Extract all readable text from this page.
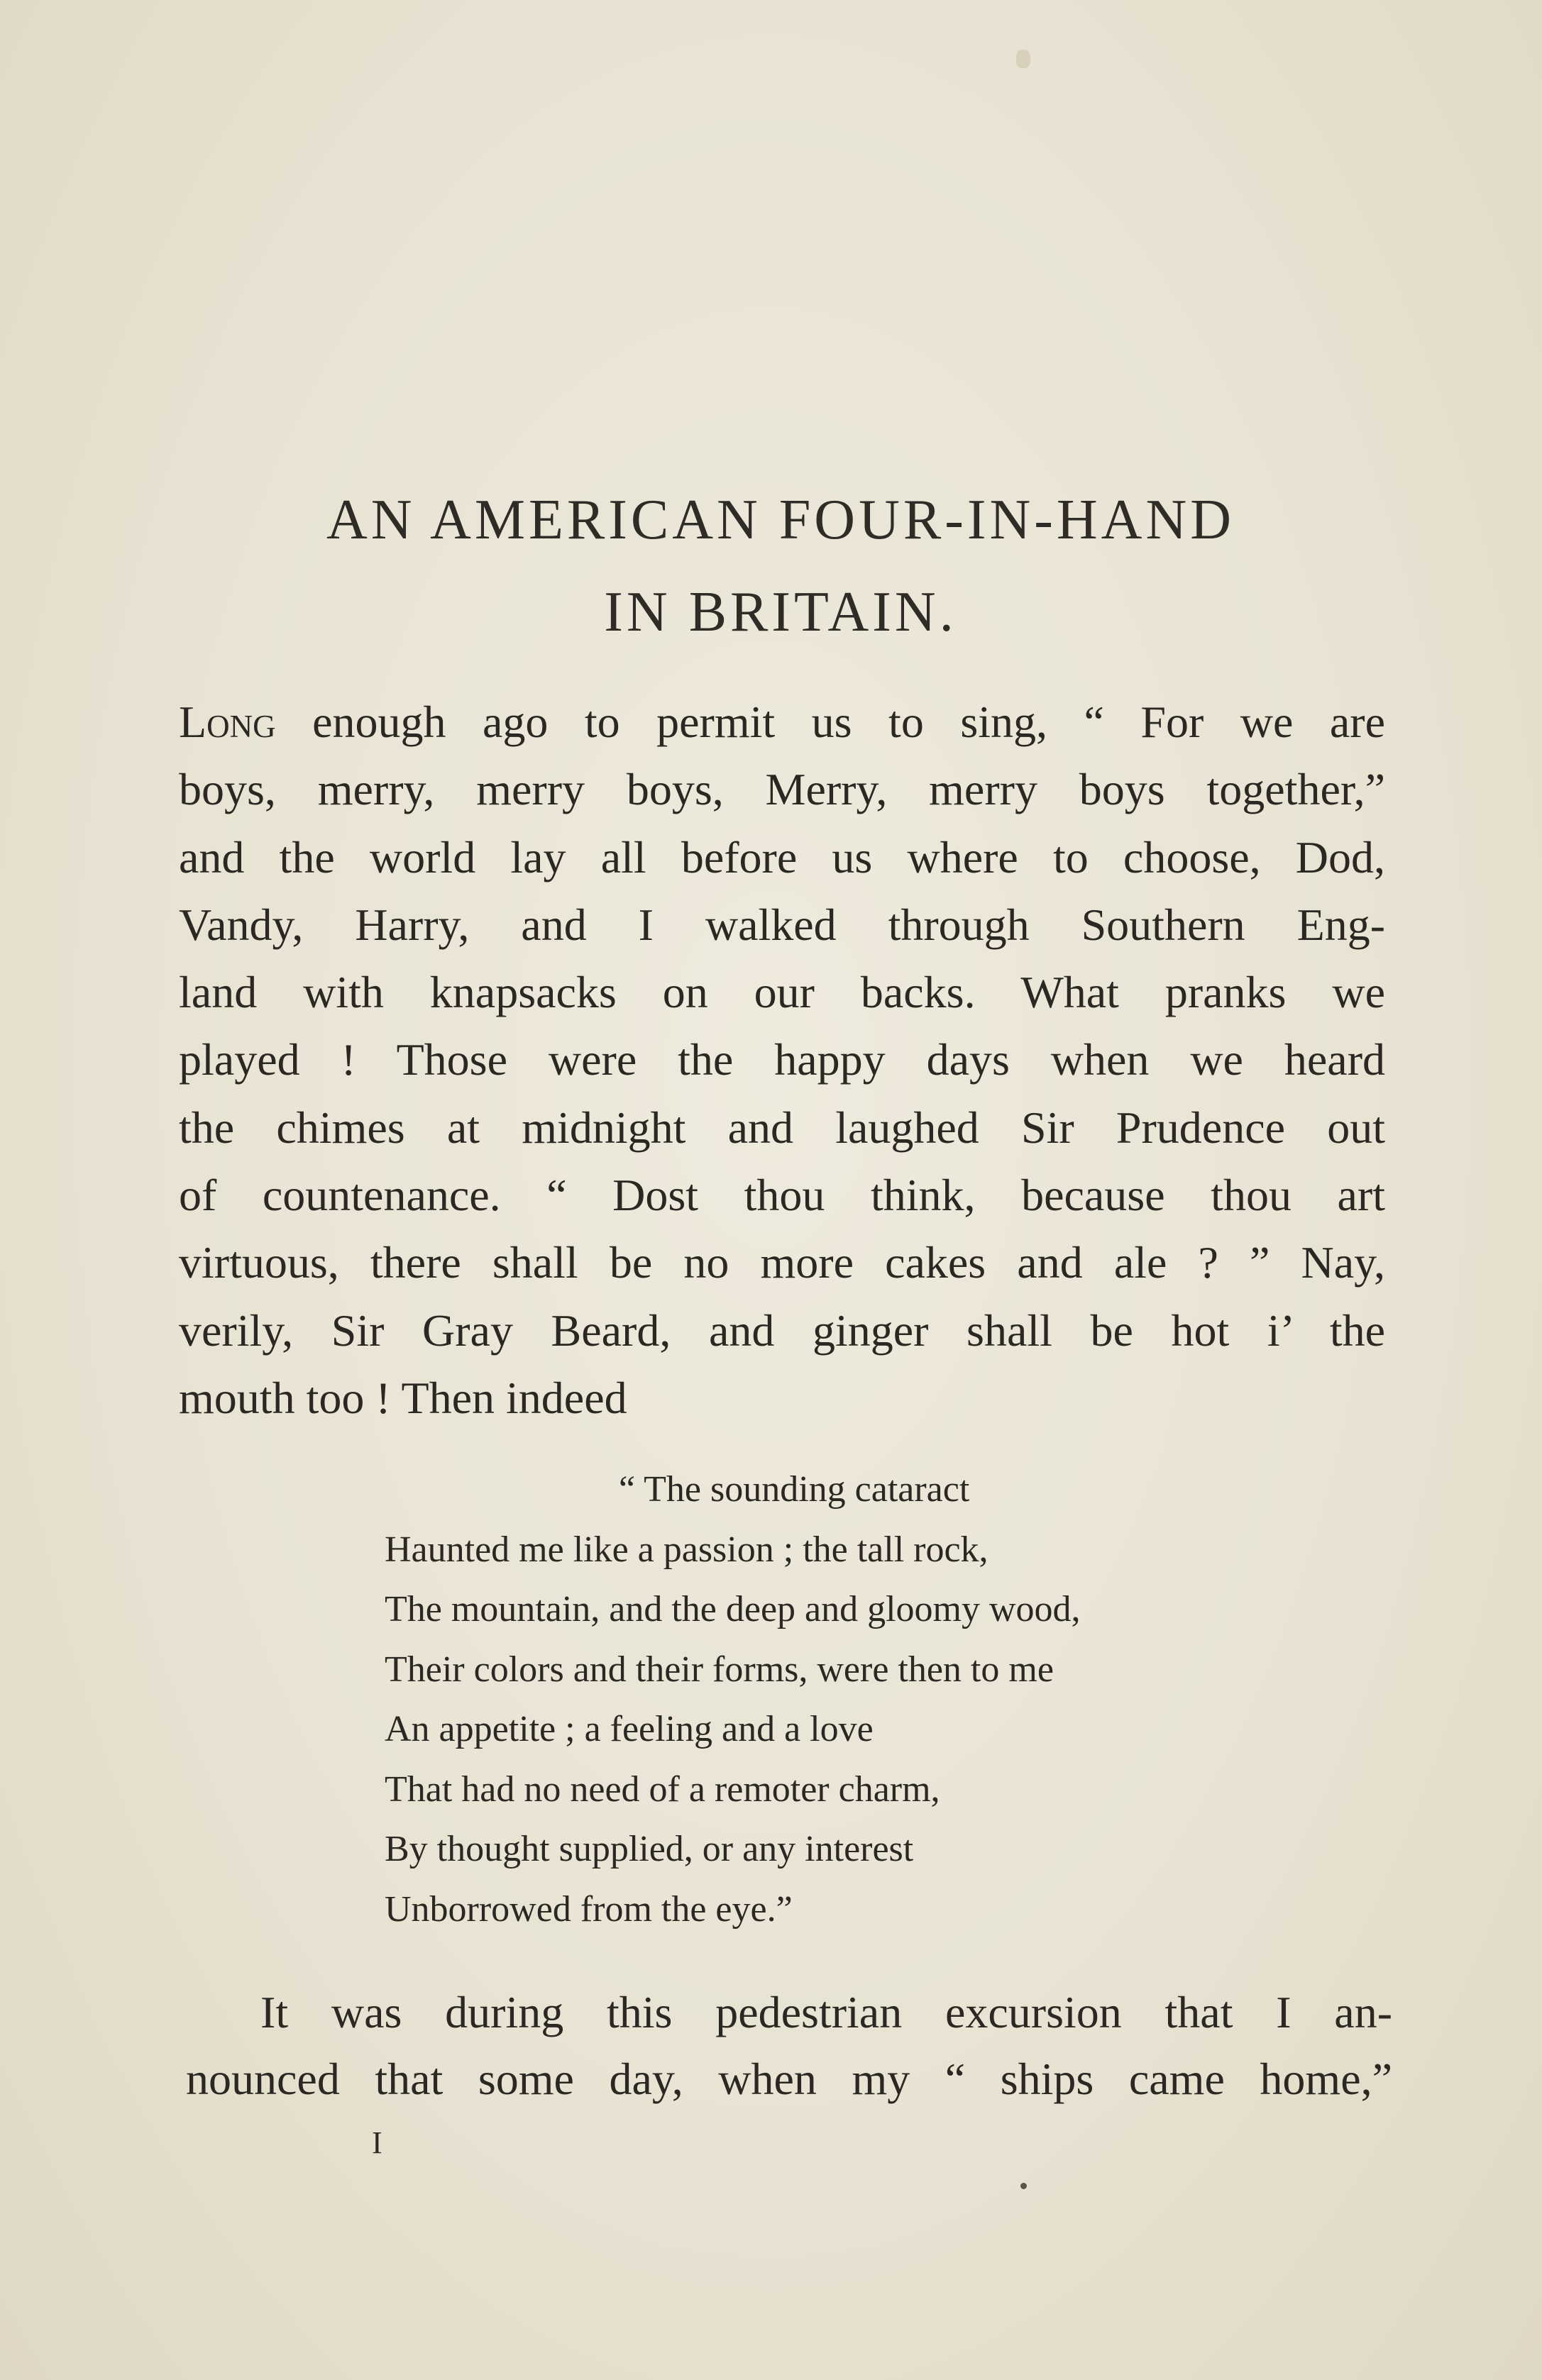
AN AMERICAN FOUR-IN-HAND
IN BRITAIN.
Long enough ago to permit us to sing, “ For we are
boys, merry, merry boys, Merry, merry boys together,”
and the world lay all before us where to choose, Dod,
Vandy, Harry, and I walked through Southern Eng-
land with knapsacks on our backs. What pranks we
played ! Those were the happy days when we heard
the chimes at midnight and laughed Sir Prudence out
of countenance. “ Dost thou think, because thou art
virtuous, there shall be no more cakes and ale ? ” Nay,
verily, Sir Gray Beard, and ginger shall be hot i’ the
mouth too ! Then indeed
“ The sounding cataract
Haunted me like a passion ; the tall rock,
The mountain, and the deep and gloomy wood,
Their colors and their forms, were then to me
An appetite ; a feeling and a love
That had no need of a remoter charm,
By thought supplied, or any interest
Unborrowed from the eye.”
It was during this pedestrian excursion that I an-
nounced that some day, when my “ ships came home,”
I
